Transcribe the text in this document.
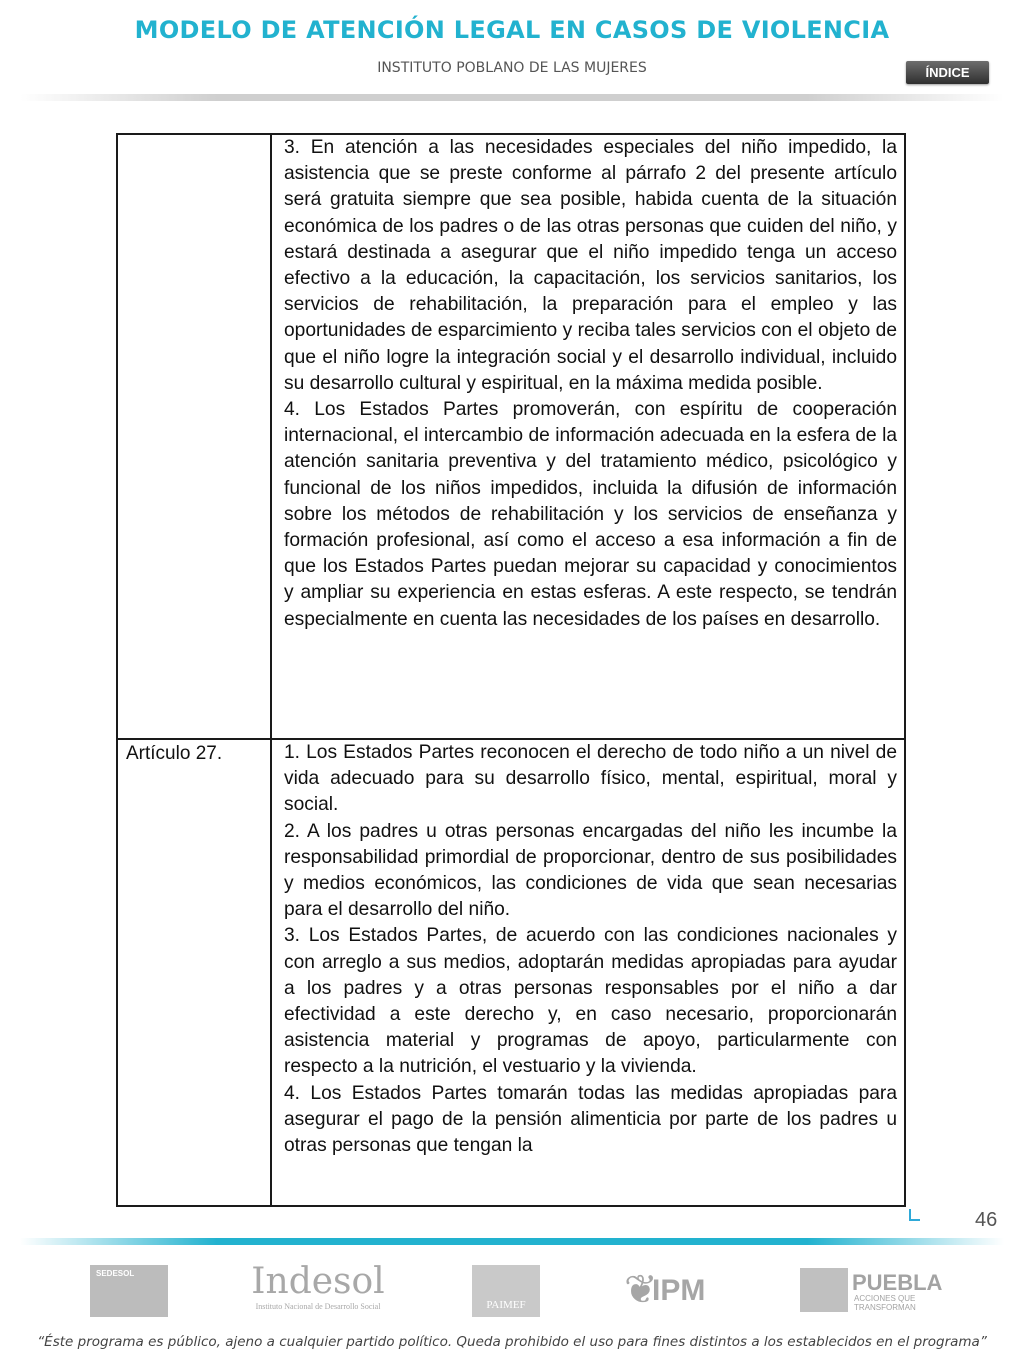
MODELO DE ATENCIÓN LEGAL EN CASOS DE VIOLENCIA
INSTITUTO POBLANO DE LAS MUJERES	ÍNDICE

	3. En atención a las necesidades especiales del niño impedido, la asistencia que se preste conforme al párrafo 2 del presente artículo será gratuita siempre que sea posible, habida cuenta de la situación económica de los padres o de las otras personas que cuiden del niño, y estará destinada a asegurar que el niño impedido tenga un acceso efectivo a la educación, la capacitación, los servicios sanitarios, los servicios de rehabilitación, la preparación para el empleo y las oportunidades de esparcimiento y reciba tales servicios con el objeto de que el niño logre la integración social y el desarrollo individual, incluido su desarrollo cultural y espiritual, en la máxima medida posible.

4. Los Estados Partes promoverán, con espíritu de cooperación internacional, el intercambio de información adecuada en la esfera de la atención sanitaria preventiva y del tratamiento médico, psicológico y funcional de los niños impedidos, incluida la difusión de información sobre los métodos de rehabilitación y los servicios de enseñanza y formación profesional, así como el acceso a esa información a fin de que los Estados Partes puedan mejorar su capacidad y conocimientos y ampliar su experiencia en estas esferas. A este respecto, se tendrán especialmente en cuenta las necesidades de los países en desarrollo.

Artículo 27.	1. Los Estados Partes reconocen el derecho de todo niño a un nivel de vida adecuado para su desarrollo físico, mental, espiritual, moral y social.

2. A los padres u otras personas encargadas del niño les incumbe la responsabilidad primordial de proporcionar, dentro de sus posibilidades y medios económicos, las condiciones de vida que sean necesarias para el desarrollo del niño.

3. Los Estados Partes, de acuerdo con las condiciones nacionales y con arreglo a sus medios, adoptarán medidas apropiadas para ayudar a los padres y a otras personas responsables por el niño a dar efectividad a este derecho y, en caso necesario, proporcionarán asistencia material y programas de apoyo, particularmente con respecto a la nutrición, el vestuario y la vivienda.

4. Los Estados Partes tomarán todas las medidas apropiadas para asegurar el pago de la pensión alimenticia por parte de los padres u otras personas que tengan la

46
SEDESOL	Indesol
Instituto Nacional de Desarrollo Social	PAIMEF	❦
IPM	PUEBLA
ACCIONES QUE TRANSFORMAN
“Éste programa es público, ajeno a cualquier partido político. Queda prohibido el uso para fines distintos a los establecidos en el programa”
